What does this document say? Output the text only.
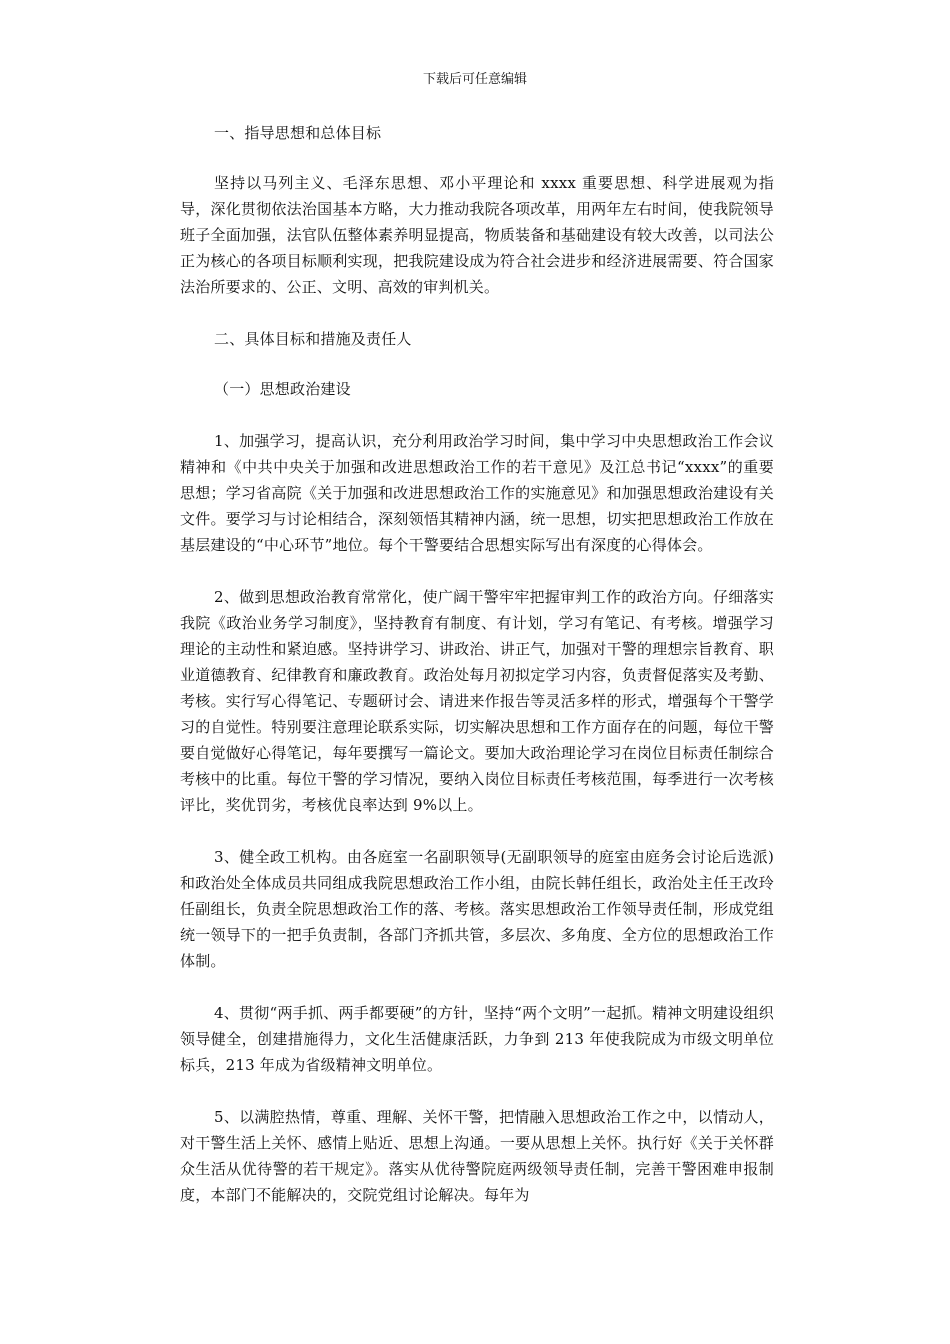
下载后可任意编辑

一、指导思想和总体目标

坚持以马列主义、毛泽东思想、邓小平理论和 xxxx 重要思想、科学进展观为指导，深化贯彻依法治国基本方略，大力推动我院各项改革，用两年左右时间，使我院领导班子全面加强，法官队伍整体素养明显提高，物质装备和基础建设有较大改善，以司法公正为核心的各项目标顺利实现，把我院建设成为符合社会进步和经济进展需要、符合国家法治所要求的、公正、文明、高效的审判机关。

二、具体目标和措施及责任人

（一）思想政治建设

1、加强学习，提高认识，充分利用政治学习时间，集中学习中央思想政治工作会议精神和《中共中央关于加强和改进思想政治工作的若干意见》及江总书记“xxxx”的重要思想；学习省高院《关于加强和改进思想政治工作的实施意见》和加强思想政治建设有关文件。要学习与讨论相结合，深刻领悟其精神内涵，统一思想，切实把思想政治工作放在基层建设的“中心环节”地位。每个干警要结合思想实际写出有深度的心得体会。

2、做到思想政治教育常常化，使广阔干警牢牢把握审判工作的政治方向。仔细落实我院《政治业务学习制度》，坚持教育有制度、有计划，学习有笔记、有考核。增强学习理论的主动性和紧迫感。坚持讲学习、讲政治、讲正气，加强对干警的理想宗旨教育、职业道德教育、纪律教育和廉政教育。政治处每月初拟定学习内容，负责督促落实及考勤、考核。实行写心得笔记、专题研讨会、请进来作报告等灵活多样的形式，增强每个干警学习的自觉性。特别要注意理论联系实际，切实解决思想和工作方面存在的问题，每位干警要自觉做好心得笔记，每年要撰写一篇论文。要加大政治理论学习在岗位目标责任制综合考核中的比重。每位干警的学习情况，要纳入岗位目标责任考核范围，每季进行一次考核评比，奖优罚劣，考核优良率达到 9%以上。

3、健全政工机构。由各庭室一名副职领导(无副职领导的庭室由庭务会讨论后选派)和政治处全体成员共同组成我院思想政治工作小组，由院长韩任组长，政治处主任王改玲任副组长，负责全院思想政治工作的落、考核。落实思想政治工作领导责任制，形成党组统一领导下的一把手负责制，各部门齐抓共管，多层次、多角度、全方位的思想政治工作体制。

4、贯彻“两手抓、两手都要硬”的方针，坚持“两个文明”一起抓。精神文明建设组织领导健全，创建措施得力，文化生活健康活跃，力争到 213 年使我院成为市级文明单位标兵，213 年成为省级精神文明单位。

5、以满腔热情，尊重、理解、关怀干警，把情融入思想政治工作之中，以情动人，对干警生活上关怀、感情上贴近、思想上沟通。一要从思想上关怀。执行好《关于关怀群众生活从优待警的若干规定》。落实从优待警院庭两级领导责任制，完善干警困难申报制度，本部门不能解决的，交院党组讨论解决。每年为
